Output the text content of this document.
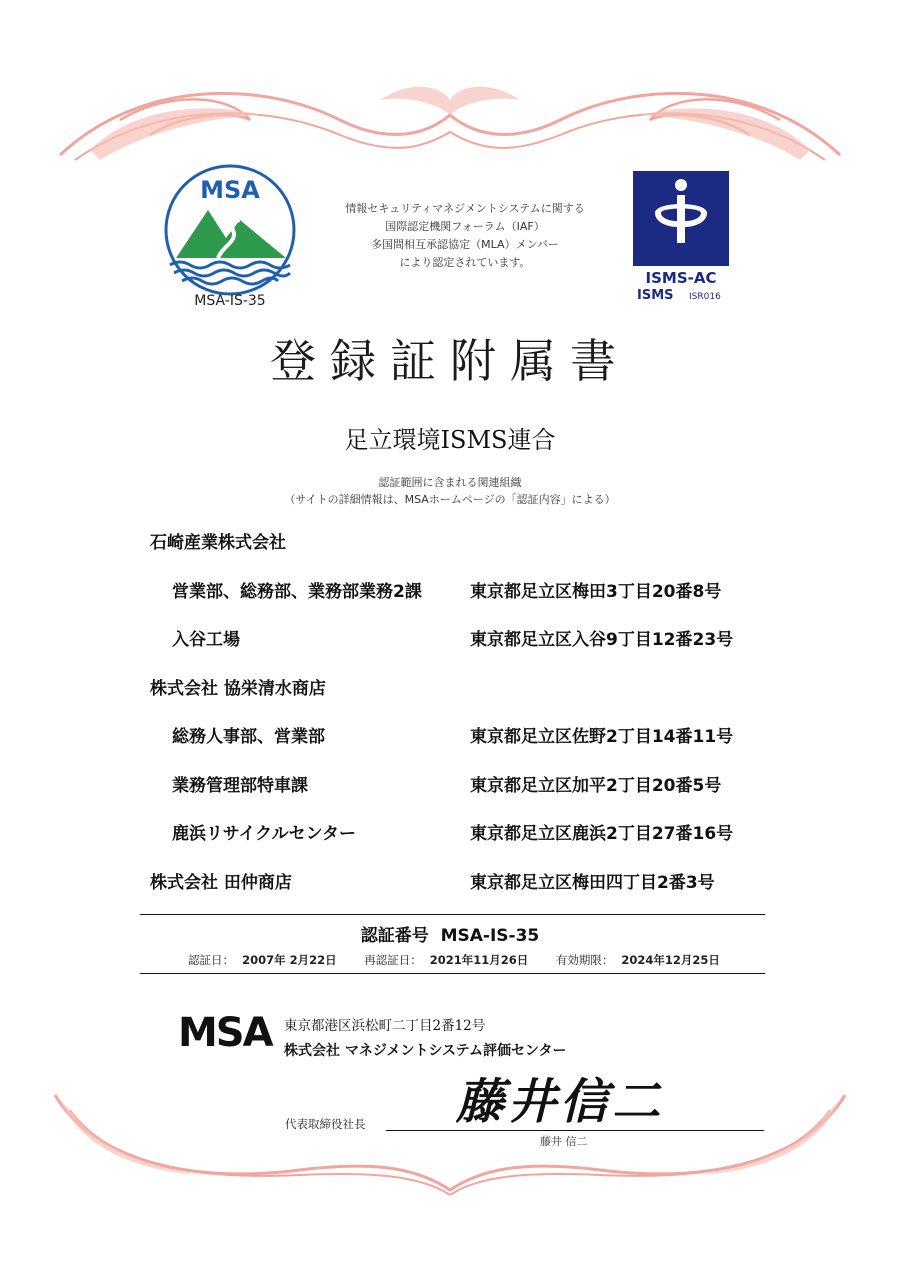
MSA
MSA-IS-35
情報セキュリティマネジメントシステムに関する
国際認定機関フォーラム（IAF）
多国間相互承認協定（MLA）メンバー
により認定されています。
ISMS-AC
ISMS ISR016
登録証附属書
足立環境ISMS連合
認証範囲に含まれる関連組織
（サイトの詳細情報は、MSAホームページの「認証内容」による）
石崎産業株式会社
営業部、総務部、業務部業務2課	東京都足立区梅田3丁目20番8号
入谷工場	東京都足立区入谷9丁目12番23号
株式会社 協栄清水商店
総務人事部、営業部	東京都足立区佐野2丁目14番11号
業務管理部特車課	東京都足立区加平2丁目20番5号
鹿浜リサイクルセンター	東京都足立区鹿浜2丁目27番16号
株式会社 田仲商店	東京都足立区梅田四丁目2番3号
認証番号 MSA-IS-35
認証日： 2007年 2月22日 再認証日： 2021年11月26日 有効期限： 2024年12月25日
MSA 東京都港区浜松町二丁目2番12号
株式会社 マネジメントシステム評価センター
代表取締役社長 藤井信二
藤井 信二
